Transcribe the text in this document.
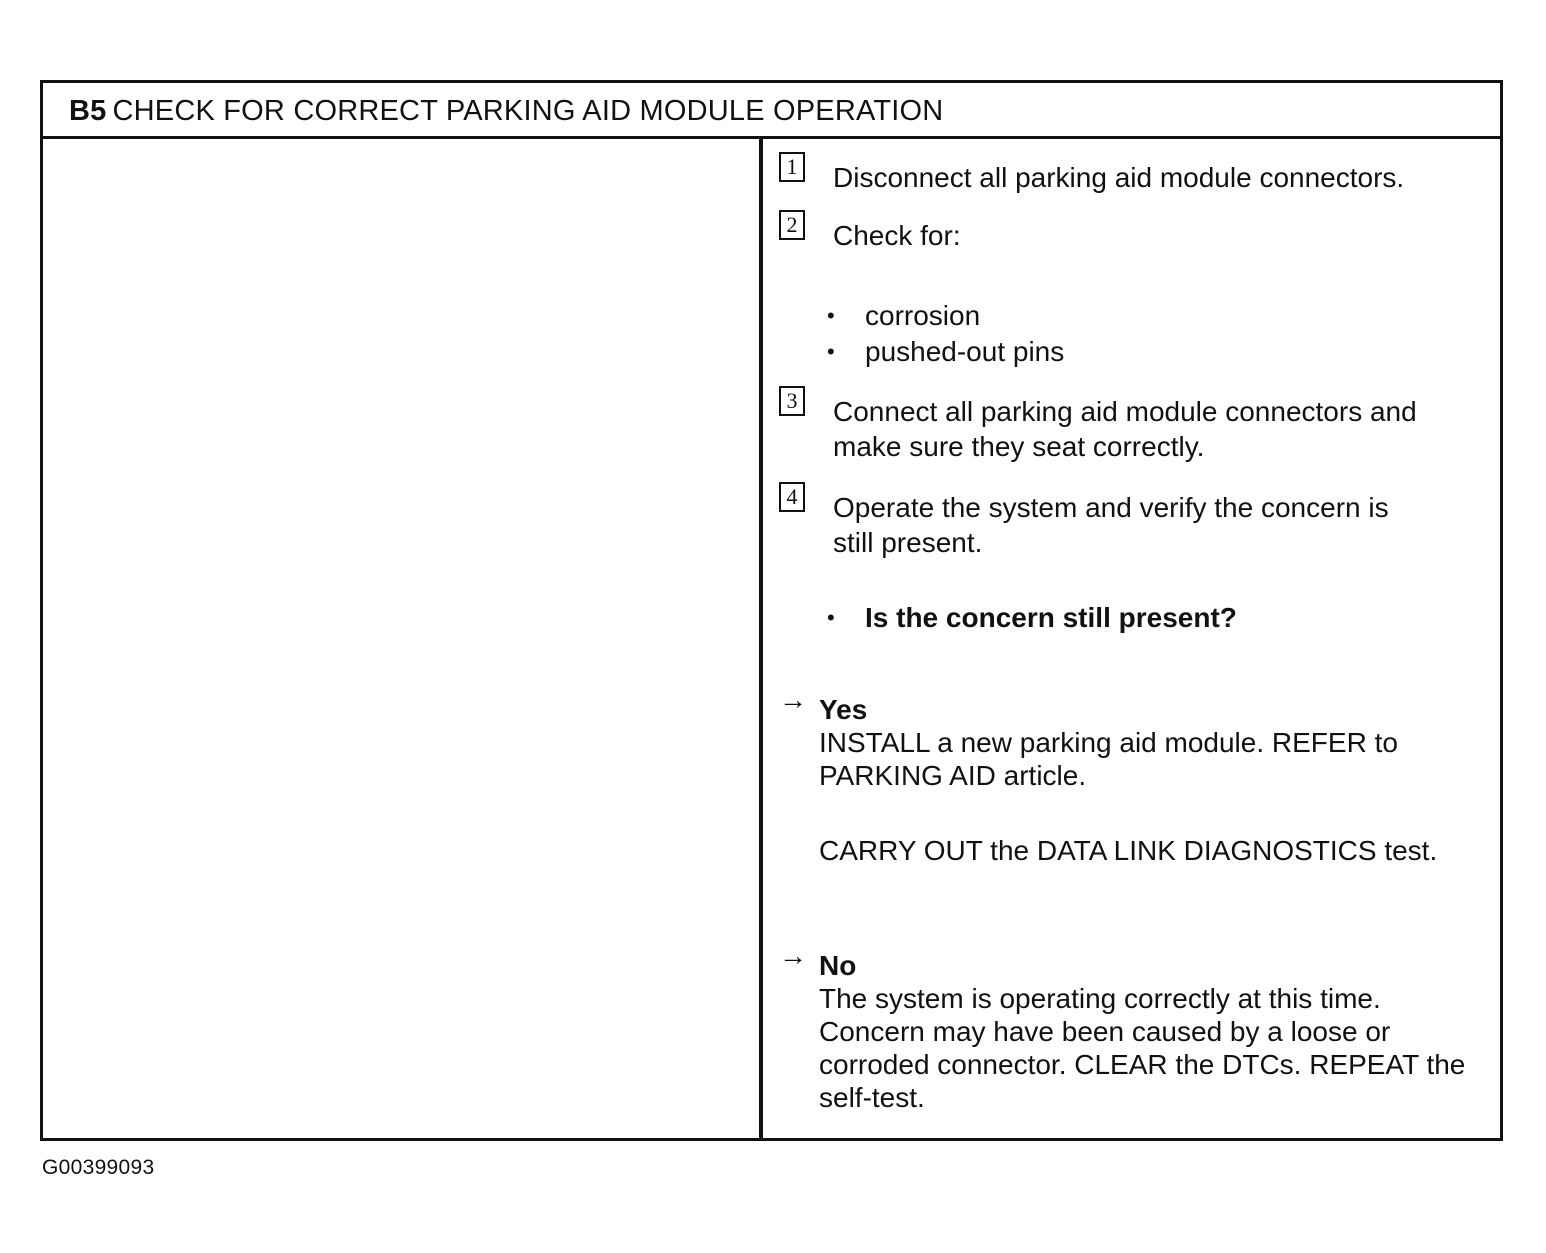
B5 CHECK FOR CORRECT PARKING AID MODULE OPERATION
1 Disconnect all parking aid module connectors.
2 Check for:
• corrosion
• pushed-out pins
3 Connect all parking aid module connectors and
make sure they seat correctly.
4 Operate the system and verify the concern is
still present.
• Is the concern still present?
→ Yes

INSTALL a new parking aid module. REFER to PARKING AID article.

CARRY OUT the DATA LINK DIAGNOSTICS test.

→ No

The system is operating correctly at this time. Concern may have been caused by a loose or corroded connector. CLEAR the DTCs. REPEAT the self-test.

G00399093
